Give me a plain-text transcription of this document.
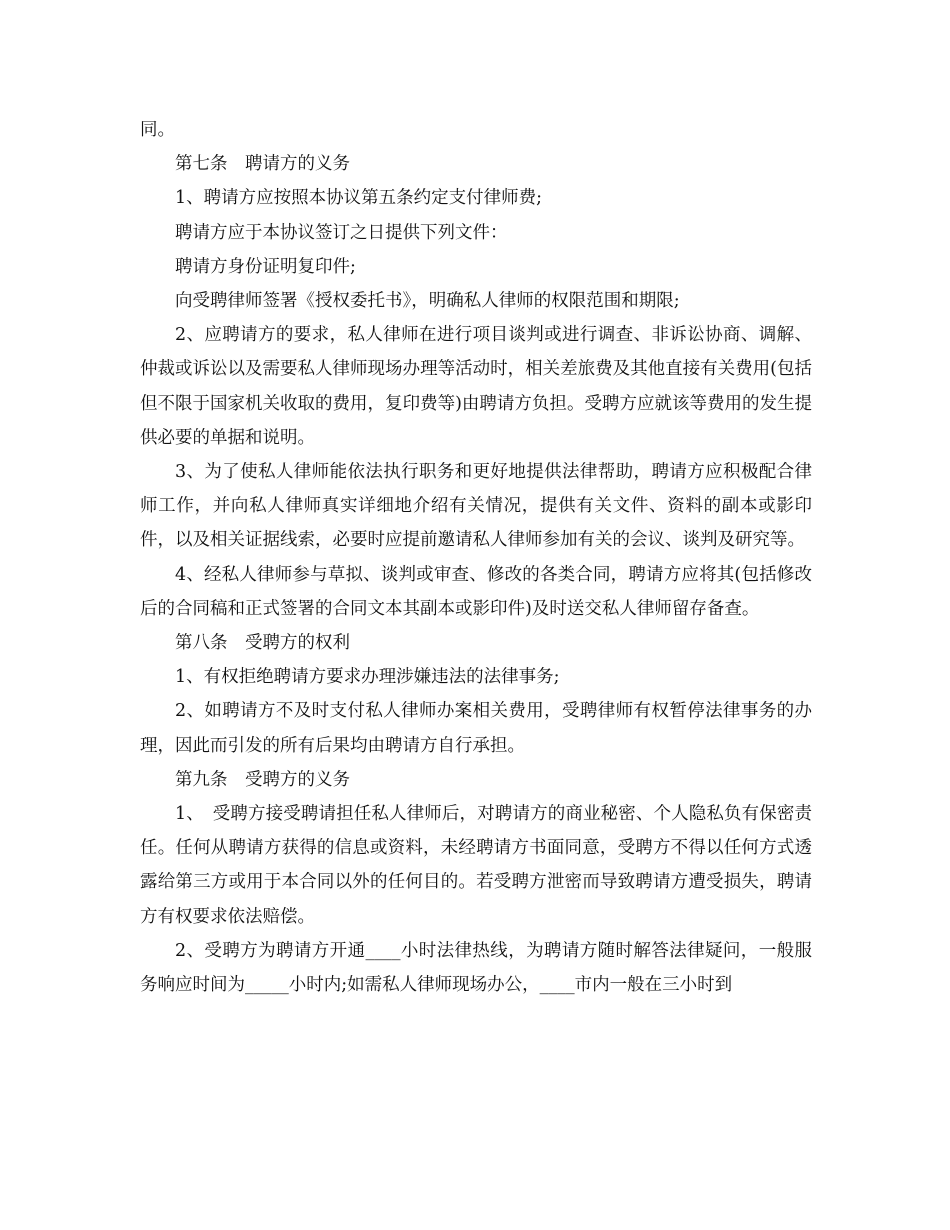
同。

第七条　聘请方的义务

1、聘请方应按照本协议第五条约定支付律师费;

聘请方应于本协议签订之日提供下列文件：

聘请方身份证明复印件;

向受聘律师签署《授权委托书》，明确私人律师的权限范围和期限;

2、应聘请方的要求，私人律师在进行项目谈判或进行调查、非诉讼协商、调解、仲裁或诉讼以及需要私人律师现场办理等活动时，相关差旅费及其他直接有关费用(包括但不限于国家机关收取的费用，复印费等)由聘请方负担。受聘方应就该等费用的发生提供必要的单据和说明。

3、为了使私人律师能依法执行职务和更好地提供法律帮助，聘请方应积极配合律师工作，并向私人律师真实详细地介绍有关情况，提供有关文件、资料的副本或影印件，以及相关证据线索，必要时应提前邀请私人律师参加有关的会议、谈判及研究等。

4、经私人律师参与草拟、谈判或审查、修改的各类合同，聘请方应将其(包括修改后的合同稿和正式签署的合同文本其副本或影印件)及时送交私人律师留存备查。

第八条　受聘方的权利

1、有权拒绝聘请方要求办理涉嫌违法的法律事务;

2、如聘请方不及时支付私人律师办案相关费用，受聘律师有权暂停法律事务的办理，因此而引发的所有后果均由聘请方自行承担。

第九条　受聘方的义务

1、　受聘方接受聘请担任私人律师后，对聘请方的商业秘密、个人隐私负有保密责任。任何从聘请方获得的信息或资料，未经聘请方书面同意，受聘方不得以任何方式透露给第三方或用于本合同以外的任何目的。若受聘方泄密而导致聘请方遭受损失，聘请方有权要求依法赔偿。

2、受聘方为聘请方开通____小时法律热线，为聘请方随时解答法律疑问，一般服务响应时间为_____小时内;如需私人律师现场办公，____市内一般在三小时到
